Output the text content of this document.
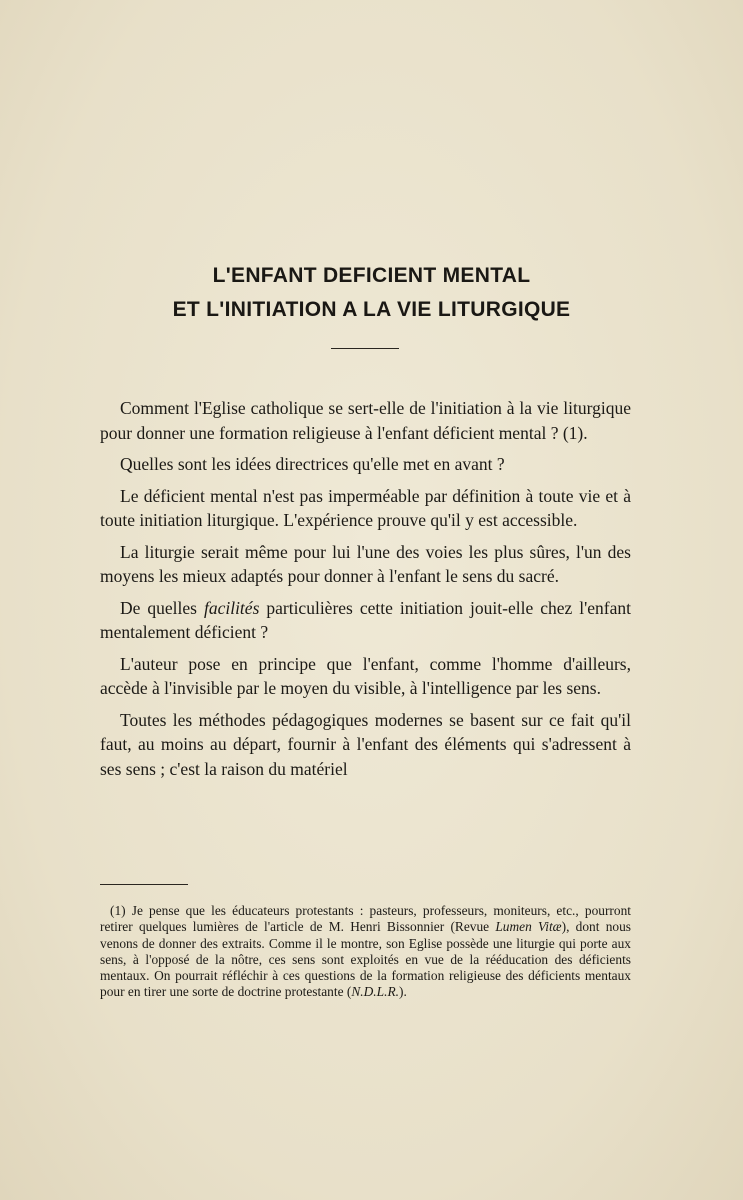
L'ENFANT DEFICIENT MENTAL
ET L'INITIATION A LA VIE LITURGIQUE

Comment l'Eglise catholique se sert-elle de l'initiation à la vie liturgique pour donner une formation religieuse à l'enfant déficient mental ? (1).

Quelles sont les idées directrices qu'elle met en avant ?

Le déficient mental n'est pas imperméable par définition à toute vie et à toute initiation liturgique. L'expérience prouve qu'il y est accessible.

La liturgie serait même pour lui l'une des voies les plus sûres, l'un des moyens les mieux adaptés pour donner à l'enfant le sens du sacré.

De quelles facilités particulières cette initiation jouit-elle chez l'enfant mentalement déficient ?

L'auteur pose en principe que l'enfant, comme l'homme d'ailleurs, accède à l'invisible par le moyen du visible, à l'intelligence par les sens.

Toutes les méthodes pédagogiques modernes se basent sur ce fait qu'il faut, au moins au départ, fournir à l'enfant des éléments qui s'adressent à ses sens ; c'est la raison du matériel

(1) Je pense que les éducateurs protestants : pasteurs, professeurs, moniteurs, etc., pourront retirer quelques lumières de l'article de M. Henri Bissonnier (Revue Lumen Vitæ), dont nous venons de donner des extraits. Comme il le montre, son Eglise possède une liturgie qui porte aux sens, à l'opposé de la nôtre, ces sens sont exploités en vue de la rééducation des déficients mentaux. On pourrait réfléchir à ces questions de la formation religieuse des déficients mentaux pour en tirer une sorte de doctrine protestante (N.D.L.R.).
